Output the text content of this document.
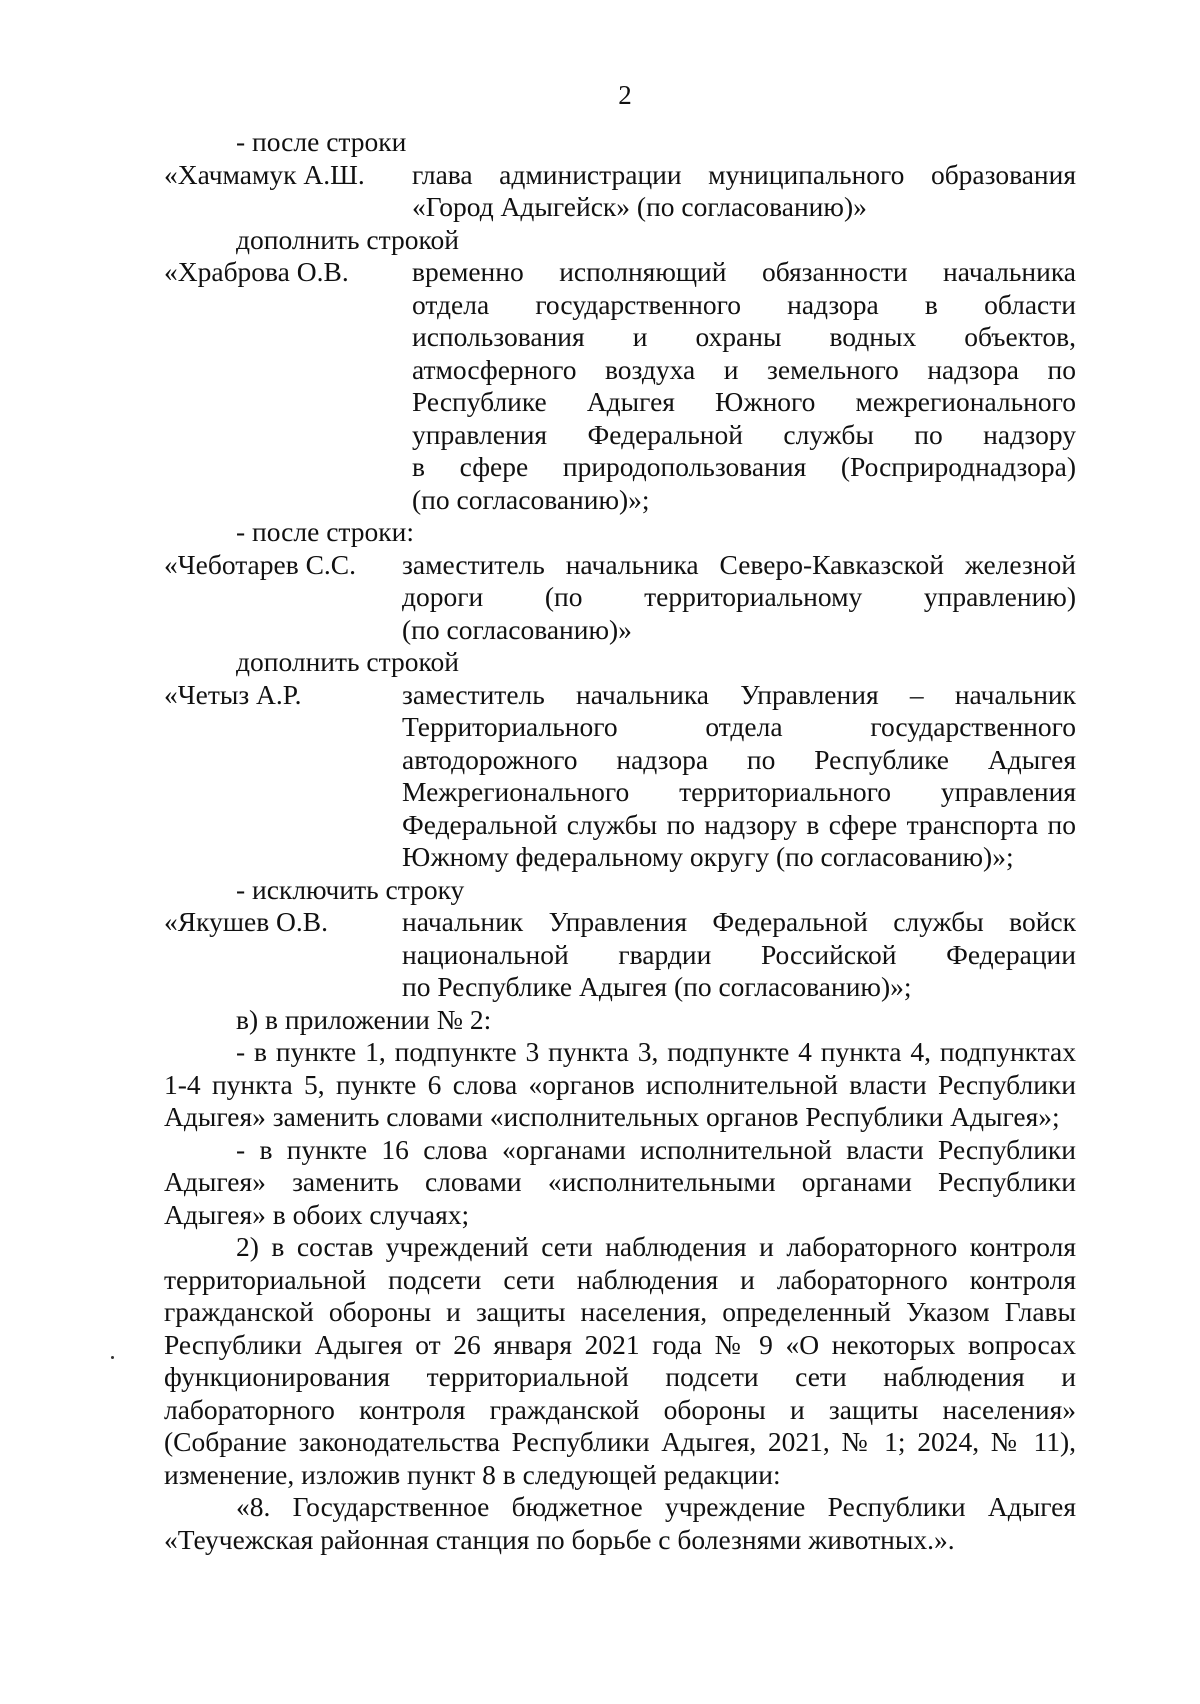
2
- после строки
«Хачмамук А.Ш.	глава администрации муниципального образования
«Город Адыгейск» (по согласованию)»
дополнить строкой
«Храброва О.В.	временно исполняющий обязанности начальника
отдела государственного надзора в области
использования и охраны водных объектов,
атмосферного воздуха и земельного надзора по
Республике Адыгея Южного межрегионального
управления Федеральной службы по надзору
в сфере природопользования (Росприроднадзора)
(по согласованию)»;
- после строки:
«Чеботарев С.С.	заместитель начальника Северо-Кавказской железной
дороги (по территориальному управлению)
(по согласованию)»
дополнить строкой
«Четыз А.Р.	заместитель начальника Управления – начальник
Территориального отдела государственного
автодорожного надзора по Республике Адыгея
Межрегионального территориального управления
Федеральной службы по надзору в сфере транспорта по
Южному федеральному округу (по согласованию)»;
- исключить строку
«Якушев О.В.	начальник Управления Федеральной службы войск
национальной гвардии Российской Федерации
по Республике Адыгея (по согласованию)»;
в) в приложении № 2:
- в пункте 1, подпункте 3 пункта 3, подпункте 4 пункта 4, подпунктах
1-4 пункта 5, пункте 6 слова «органов исполнительной власти Республики
Адыгея» заменить словами «исполнительных органов Республики Адыгея»;
- в пункте 16 слова «органами исполнительной власти Республики
Адыгея» заменить словами «исполнительными органами Республики
Адыгея» в обоих случаях;
2) в состав учреждений сети наблюдения и лабораторного контроля
территориальной подсети сети наблюдения и лабораторного контроля
гражданской обороны и защиты населения, определенный Указом Главы
Республики Адыгея от 26 января 2021 года № 9 «О некоторых вопросах
функционирования территориальной подсети сети наблюдения и
лабораторного контроля гражданской обороны и защиты населения»
(Собрание законодательства Республики Адыгея, 2021, № 1; 2024, № 11),
изменение, изложив пункт 8 в следующей редакции:
«8. Государственное бюджетное учреждение Республики Адыгея
«Теучежская районная станция по борьбе с болезнями животных.».
